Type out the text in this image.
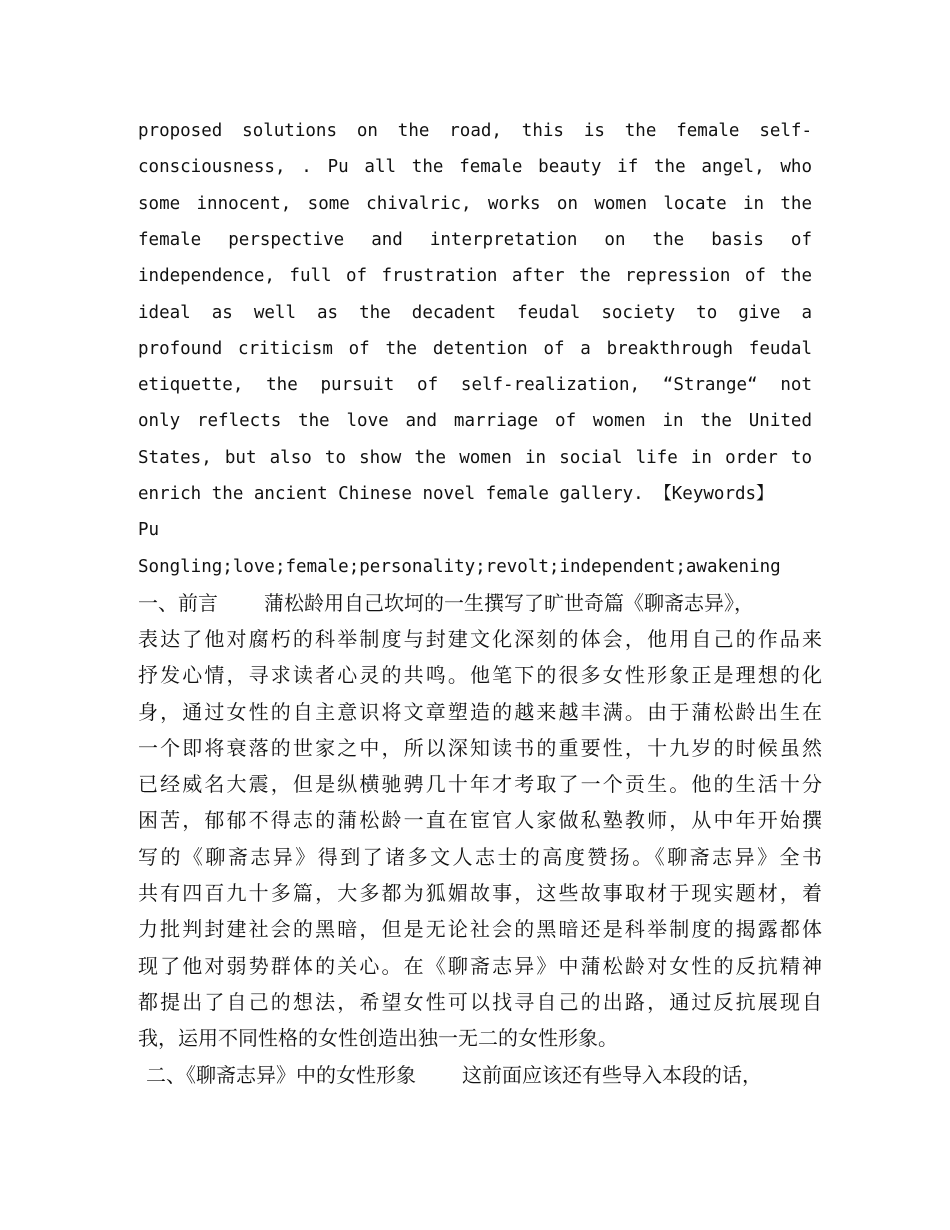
proposed solutions on the road, this is the female self-
consciousness, . Pu all the female beauty if the angel, who
some innocent, some chivalric, works on women locate in the
female perspective and interpretation on the basis of
independence, full of frustration after the repression of the
ideal as well as the decadent feudal society to give a
profound criticism of the detention of a breakthrough feudal
etiquette, the pursuit of self-realization, “Strange“ not
only reflects the love and marriage of women in the United
States, but also to show the women in social life in order to
enrich the ancient Chinese novel female gallery. 【Keywords】
Pu
Songling;love;female;personality;revolt;independent;awakening
一、前言 蒲松龄用自己坎坷的一生撰写了旷世奇篇《聊斋志异》，
表达了他对腐朽的科举制度与封建文化深刻的体会，他用自己的作品来
抒发心情，寻求读者心灵的共鸣。他笔下的很多女性形象正是理想的化
身，通过女性的自主意识将文章塑造的越来越丰满。由于蒲松龄出生在
一个即将衰落的世家之中，所以深知读书的重要性，十九岁的时候虽然
已经威名大震，但是纵横驰骋几十年才考取了一个贡生。他的生活十分
困苦，郁郁不得志的蒲松龄一直在宦官人家做私塾教师，从中年开始撰
写的《聊斋志异》得到了诸多文人志士的高度赞扬。《聊斋志异》全书
共有四百九十多篇，大多都为狐媚故事，这些故事取材于现实题材，着
力批判封建社会的黑暗，但是无论社会的黑暗还是科举制度的揭露都体
现了他对弱势群体的关心。在《聊斋志异》中蒲松龄对女性的反抗精神
都提出了自己的想法，希望女性可以找寻自己的出路，通过反抗展现自
我，运用不同性格的女性创造出独一无二的女性形象。
二、《聊斋志异》中的女性形象 这前面应该还有些导入本段的话，
